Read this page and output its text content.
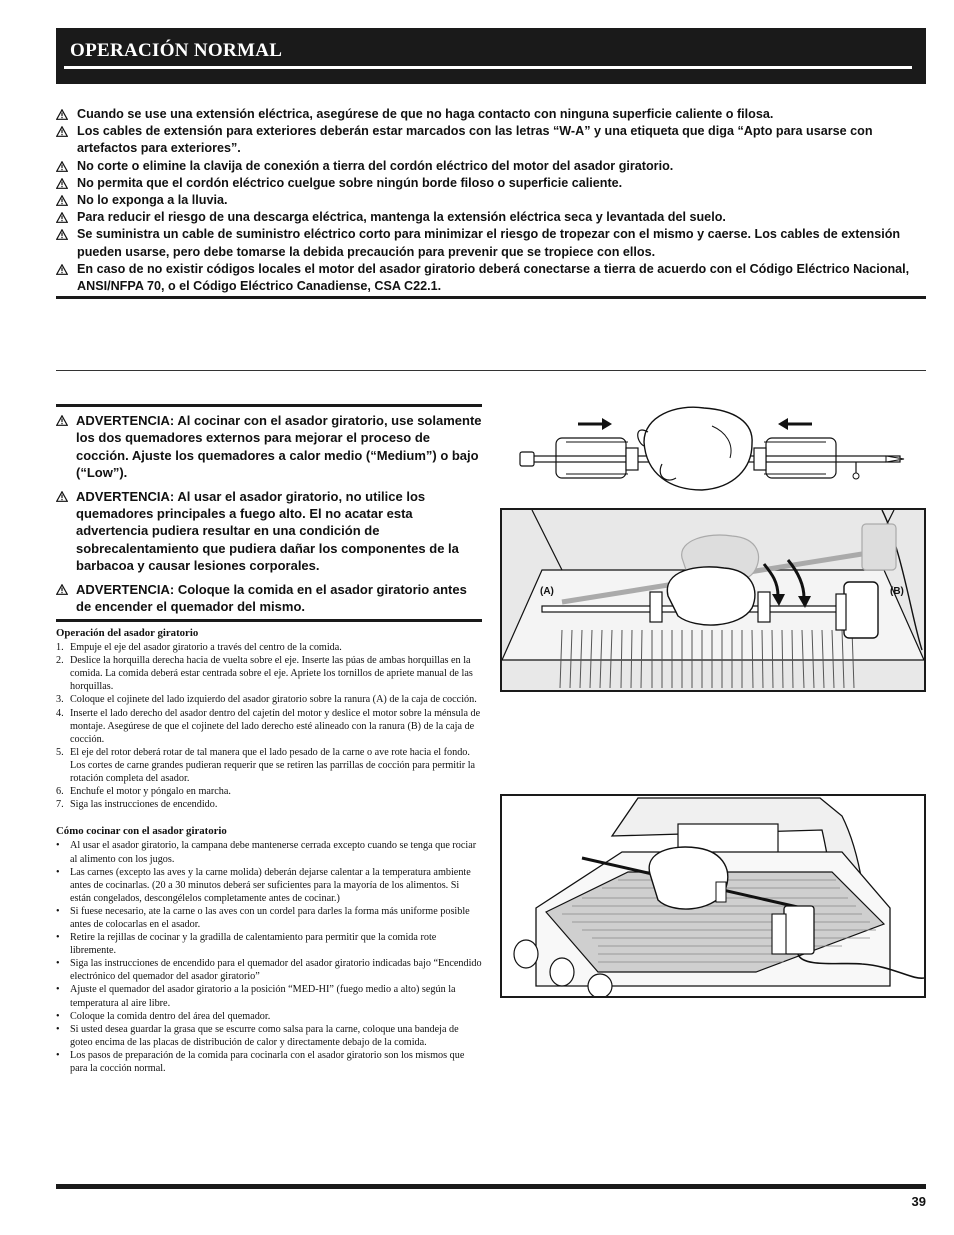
OPERACIÓN NORMAL
Cuando se use una extensión eléctrica, asegúrese de que no haga contacto con ninguna superficie caliente o filosa.
Los cables de extensión para exteriores deberán estar marcados con las letras “W-A” y una etiqueta que diga “Apto para usarse con artefactos para exteriores”.
No corte o elimine la clavija de conexión a tierra del cordón eléctrico del motor del asador giratorio.
No permita que el cordón eléctrico cuelgue sobre ningún borde filoso o superficie caliente.
No lo exponga a la lluvia.
Para reducir el riesgo de una descarga eléctrica, mantenga la extensión eléctrica seca y levantada del suelo.
Se suministra un cable de suministro eléctrico corto para minimizar el riesgo de tropezar con el mismo y caerse. Los cables de extensión pueden usarse, pero debe tomarse la debida precaución para prevenir que se tropiece con ellos.
En caso de no existir códigos locales el motor del asador giratorio deberá conectarse a tierra de acuerdo con el Código Eléctrico Nacional, ANSI/NFPA 70, o el Código Eléctrico Canadiense, CSA C22.1.
ADVERTENCIA: Al cocinar con el asador giratorio, use solamente los dos quemadores externos para mejorar el proceso de cocción. Ajuste los quemadores a calor medio (“Medium”) o bajo (“Low”).
ADVERTENCIA: Al usar el asador giratorio, no utilice los quemadores principales a fuego alto. El no acatar esta advertencia pudiera resultar en una condición de sobrecalentamiento que pudiera dañar los componentes de la barbacoa y causar lesiones corporales.
ADVERTENCIA: Coloque la comida en el asador giratorio antes de encender el quemador del mismo.
Operación del asador giratorio
1. Empuje el eje del asador giratorio a través del centro de la comida.
2. Deslice la horquilla derecha hacia de vuelta sobre el eje. Inserte las púas de ambas horquillas en la comida. La comida deberá estar centrada sobre el eje. Apriete los tornillos de apriete manual de las horquillas.
3. Coloque el cojinete del lado izquierdo del asador giratorio sobre la ranura (A) de la caja de cocción.
4. Inserte el lado derecho del asador dentro del cajetín del motor y deslice el motor sobre la ménsula de montaje. Asegúrese de que el cojinete del lado derecho esté alineado con la ranura (B) de la caja de cocción.
5. El eje del rotor deberá rotar de tal manera que el lado pesado de la carne o ave rote hacia el fondo. Los cortes de carne grandes pudieran requerir que se retiren las parrillas de cocción para permitir la rotación completa del asador.
6. Enchufe el motor y póngalo en marcha.
7. Siga las instrucciones de encendido.
Cómo cocinar con el asador giratorio
• Al usar el asador giratorio, la campana debe mantenerse cerrada excepto cuando se tenga que rociar al alimento con los jugos.
• Las carnes (excepto las aves y la carne molida) deberán dejarse calentar a la temperatura ambiente antes de cocinarlas. (20 a 30 minutos deberá ser suficientes para la mayoría de los alimentos. Si están congelados, descongélelos completamente antes de cocinar.)
• Si fuese necesario, ate la carne o las aves con un cordel para darles la forma más uniforme posible antes de colocarlas en el asador.
• Retire la rejillas de cocinar y la gradilla de calentamiento para permitir que la comida rote libremente.
• Siga las instrucciones de encendido para el quemador del asador giratorio indicadas bajo “Encendido electrónico del quemador del asador giratorio”
• Ajuste el quemador del asador giratorio a la posición “MED-HI” (fuego medio a alto) según la temperatura al aire libre.
• Coloque la comida dentro del área del quemador.
• Si usted desea guardar la grasa que se escurre como salsa para la carne, coloque una bandeja de goteo encima de las placas de distribución de calor y directamente debajo de la comida.
• Los pasos de preparación de la comida para cocinarla con el asador giratorio son los mismos que para la cocción normal.
(A)	(B)
39
